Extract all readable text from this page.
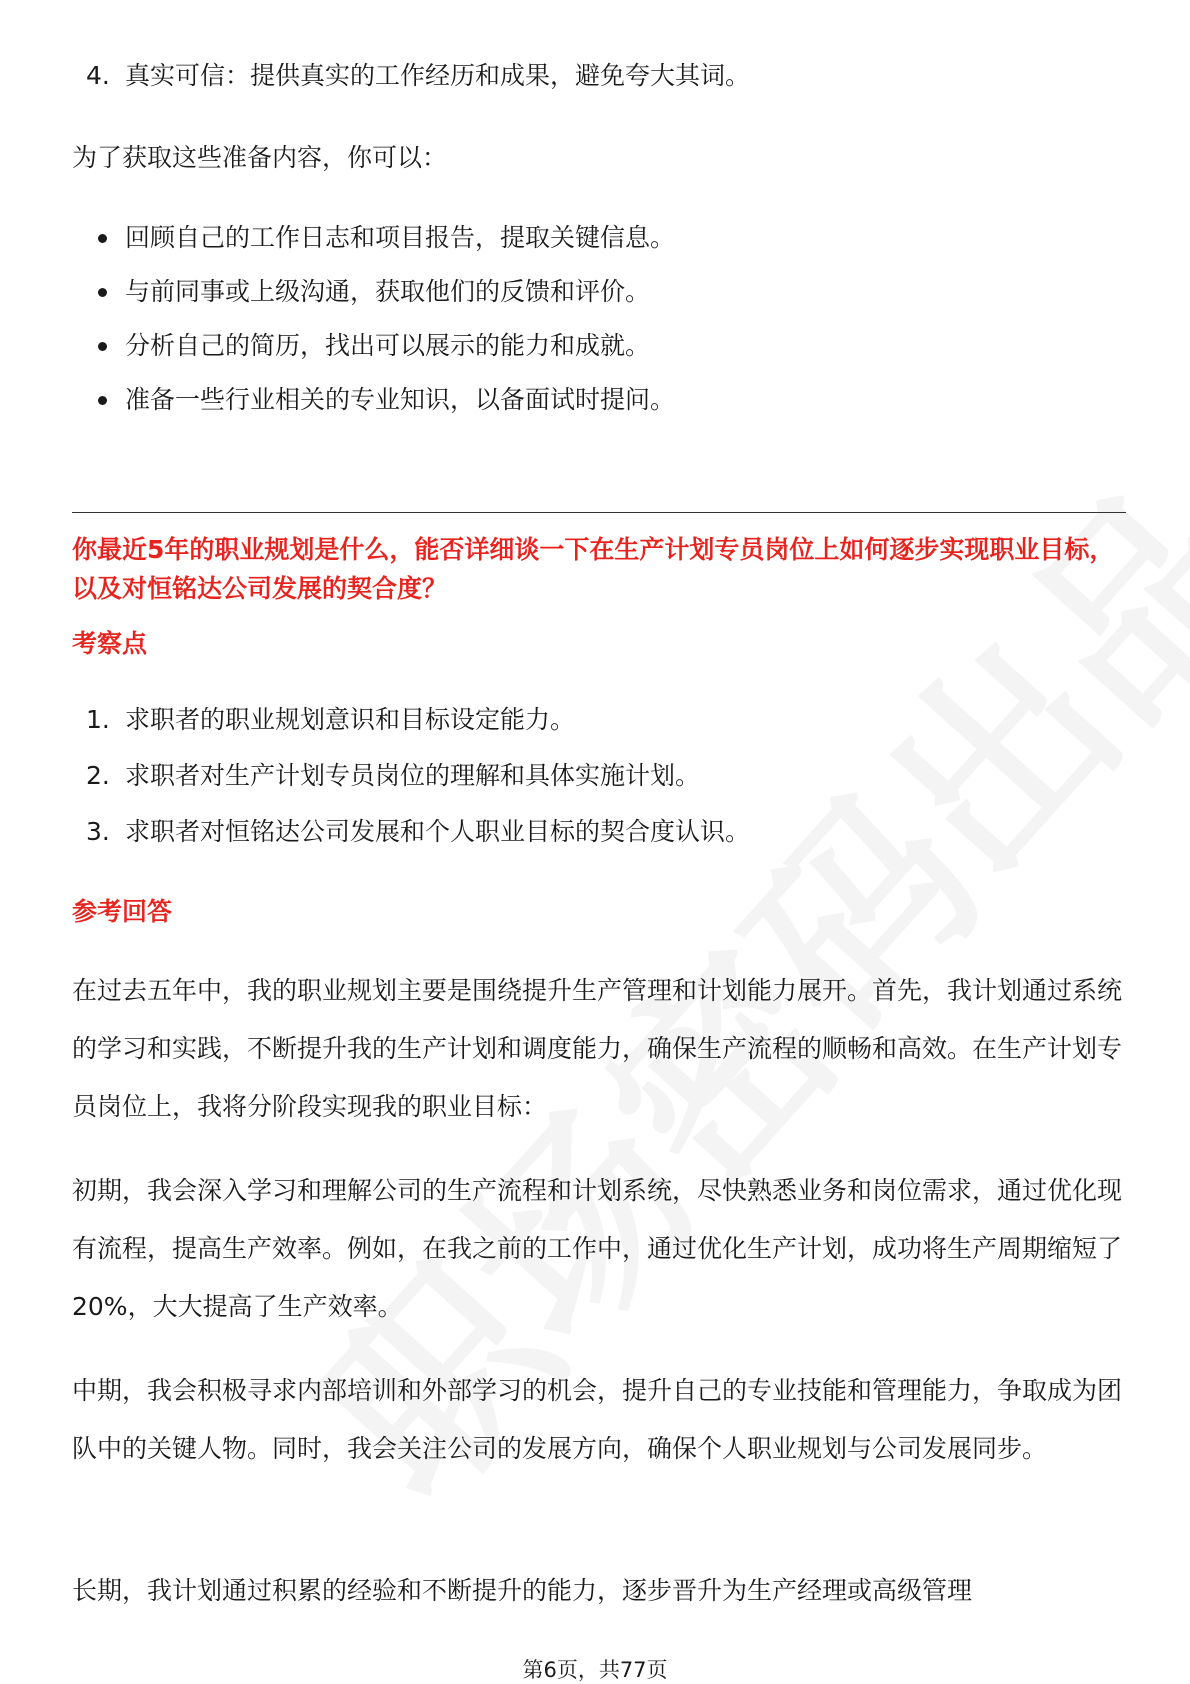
4. 真实可信：提供真实的工作经历和成果，避免夸大其词。
为了获取这些准备内容，你可以：
回顾自己的工作日志和项目报告，提取关键信息。
与前同事或上级沟通，获取他们的反馈和评价。
分析自己的简历，找出可以展示的能力和成就。
准备一些行业相关的专业知识，以备面试时提问。
你最近5年的职业规划是什么，能否详细谈一下在生产计划专员岗位上如何逐步实现职业目标，以及对恒铭达公司发展的契合度？
考察点
1. 求职者的职业规划意识和目标设定能力。
2. 求职者对生产计划专员岗位的理解和具体实施计划。
3. 求职者对恒铭达公司发展和个人职业目标的契合度认识。
参考回答
在过去五年中，我的职业规划主要是围绕提升生产管理和计划能力展开。首先，我计划通过系统的学习和实践，不断提升我的生产计划和调度能力，确保生产流程的顺畅和高效。在生产计划专员岗位上，我将分阶段实现我的职业目标：
初期，我会深入学习和理解公司的生产流程和计划系统，尽快熟悉业务和岗位需求，通过优化现有流程，提高生产效率。例如，在我之前的工作中，通过优化生产计划，成功将生产周期缩短了20%，大大提高了生产效率。
中期，我会积极寻求内部培训和外部学习的机会，提升自己的专业技能和管理能力，争取成为团队中的关键人物。同时，我会关注公司的发展方向，确保个人职业规划与公司发展同步。
长期，我计划通过积累的经验和不断提升的能力，逐步晋升为生产经理或高级管理
第6页，共77页
